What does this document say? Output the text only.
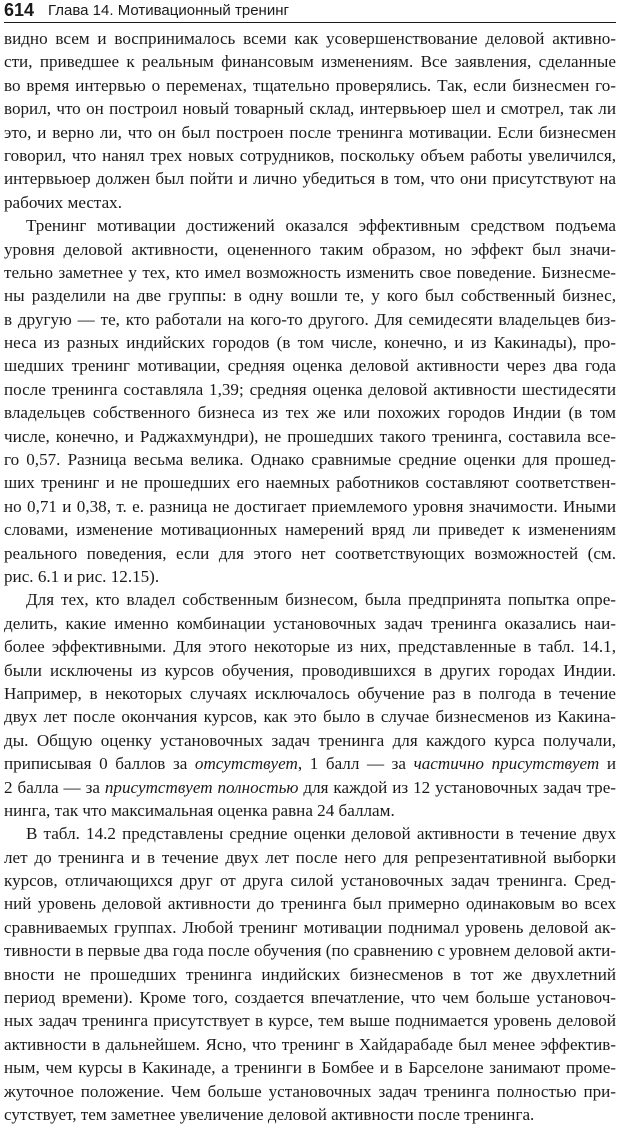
614 Глава 14. Мотивационный тренинг
видно всем и воспринималось всеми как усовершенствование деловой активно-
сти, приведшее к реальным финансовым изменениям. Все заявления, сделанные
во время интервью о переменах, тщательно проверялись. Так, если бизнесмен го-
ворил, что он построил новый товарный склад, интервьюер шел и смотрел, так ли
это, и верно ли, что он был построен после тренинга мотивации. Если бизнесмен
говорил, что нанял трех новых сотрудников, поскольку объем работы увеличился,
интервьюер должен был пойти и лично убедиться в том, что они присутствуют на
рабочих местах.
Тренинг мотивации достижений оказался эффективным средством подъема
уровня деловой активности, оцененного таким образом, но эффект был значи-
тельно заметнее у тех, кто имел возможность изменить свое поведение. Бизнесме-
ны разделили на две группы: в одну вошли те, у кого был собственный бизнес,
в другую — те, кто работали на кого-то другого. Для семидесяти владельцев биз-
неса из разных индийских городов (в том числе, конечно, и из Какинады), про-
шедших тренинг мотивации, средняя оценка деловой активности через два года
после тренинга составляла 1,39; средняя оценка деловой активности шестидесяти
владельцев собственного бизнеса из тех же или похожих городов Индии (в том
числе, конечно, и Раджахмундри), не прошедших такого тренинга, составила все-
го 0,57. Разница весьма велика. Однако сравнимые средние оценки для прошед-
ших тренинг и не прошедших его наемных работников составляют соответствен-
но 0,71 и 0,38, т. е. разница не достигает приемлемого уровня значимости. Иными
словами, изменение мотивационных намерений вряд ли приведет к изменениям
реального поведения, если для этого нет соответствующих возможностей (см.
рис. 6.1 и рис. 12.15).
Для тех, кто владел собственным бизнесом, была предпринята попытка опре-
делить, какие именно комбинации установочных задач тренинга оказались наи-
более эффективными. Для этого некоторые из них, представленные в табл. 14.1,
были исключены из курсов обучения, проводившихся в других городах Индии.
Например, в некоторых случаях исключалось обучение раз в полгода в течение
двух лет после окончания курсов, как это было в случае бизнесменов из Какина-
ды. Общую оценку установочных задач тренинга для каждого курса получали,
приписывая 0 баллов за отсутствует, 1 балл — за частично присутствует и
2 балла — за присутствует полностью для каждой из 12 установочных задач тре-
нинга, так что максимальная оценка равна 24 баллам.
В табл. 14.2 представлены средние оценки деловой активности в течение двух
лет до тренинга и в течение двух лет после него для репрезентативной выборки
курсов, отличающихся друг от друга силой установочных задач тренинга. Сред-
ний уровень деловой активности до тренинга был примерно одинаковым во всех
сравниваемых группах. Любой тренинг мотивации поднимал уровень деловой ак-
тивности в первые два года после обучения (по сравнению с уровнем деловой акти-
вности не прошедших тренинга индийских бизнесменов в тот же двухлетний
период времени). Кроме того, создается впечатление, что чем больше установоч-
ных задач тренинга присутствует в курсе, тем выше поднимается уровень деловой
активности в дальнейшем. Ясно, что тренинг в Хайдарабаде был менее эффектив-
ным, чем курсы в Какинаде, а тренинги в Бомбее и в Барселоне занимают проме-
жуточное положение. Чем больше установочных задач тренинга полностью при-
сутствует, тем заметнее увеличение деловой активности после тренинга.
